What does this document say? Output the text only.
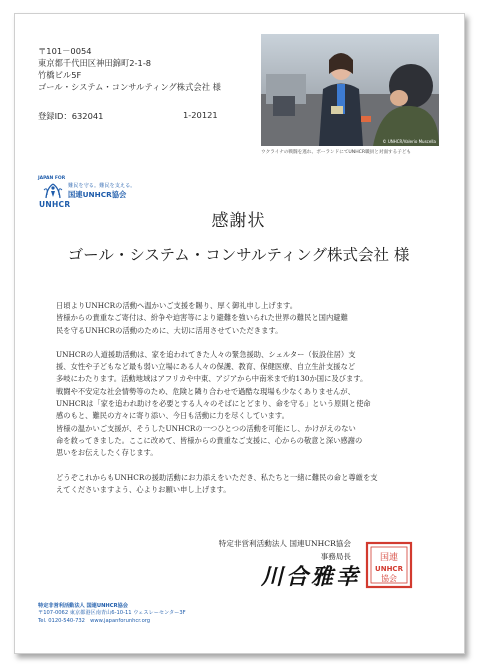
〒101－0054
東京都千代田区神田錦町2-1-8
竹橋ビル5F
ゴール・システム・コンサルティング株式会社 様
登録ID：632041	1-20121
© UNHCR/Valerio Muscella
ウクライナの戦闘を逃れ、ポーランドにてUNHCR職員と対面する子ども
JAPAN FOR
UNHCR
難民を守る。難民を支える。
国連UNHCR協会
感謝状
ゴール・システム・コンサルティング株式会社 様

日頃よりUNHCRの活動へ温かいご支援を賜り、厚く御礼申し上げます。

皆様からの貴重なご寄付は、紛争や迫害等により避難を強いられた世界の難民と国内避難

民を守るUNHCRの活動のために、大切に活用させていただきます。

UNHCRの人道援助活動は、家を追われてきた人々の緊急援助、シェルター（仮設住居）支

援、女性や子どもなど最も弱い立場にある人々の保護、教育、保健医療、自立生計支援など

多岐にわたります。活動地域はアフリカや中東、アジアから中南米まで約130か国に及びます。

戦闘や不安定な社会情勢等のため、危険と隣り合わせで過酷な現場も少なくありませんが、

UNHCRは「家を追われ助けを必要とする人々のそばにとどまり、命を守る」という原則と使命

感のもと、難民の方々に寄り添い、今日も活動に力を尽くしています。

皆様の温かいご支援が、そうしたUNHCRの一つひとつの活動を可能にし、かけがえのない

命を救ってきました。ここに改めて、皆様からの貴重なご支援に、心からの敬意と深い感謝の

思いをお伝えしたく存じます。

どうぞこれからもUNHCRの援助活動にお力添えをいただき、私たちと一緒に難民の命と尊厳を支

えてくださいますよう、心よりお願い申し上げます。

特定非営利活動法人 国連UNHCR協会
事務局長
川合雅幸
国連
UNHCR
協会
特定非営利活動法人 国連UNHCR協会
〒107-0062 東京都港区南青山6-10-11 ウェスレーセンター3F
Tel. 0120-540-732　www.japanforunhcr.org
